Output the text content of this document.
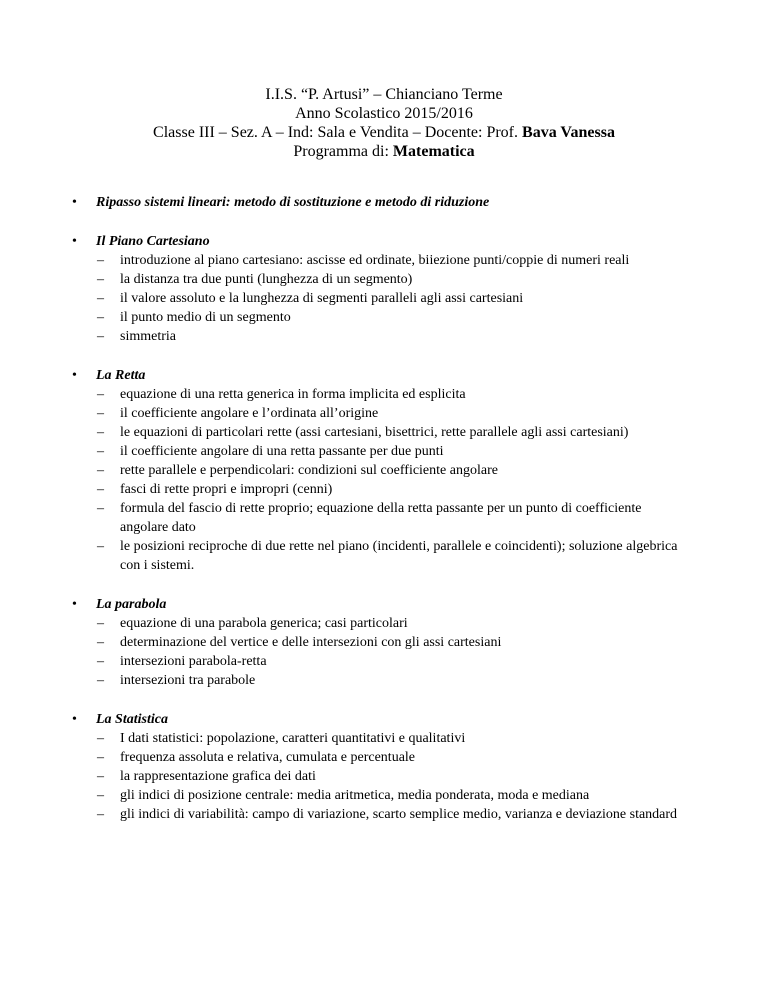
I.I.S. “P. Artusi” – Chianciano Terme
Anno Scolastico 2015/2016
Classe III – Sez. A – Ind: Sala e Vendita – Docente: Prof. Bava Vanessa
Programma di: Matematica
• Ripasso sistemi lineari: metodo di sostituzione e metodo di riduzione
• Il Piano Cartesiano
– introduzione al piano cartesiano: ascisse ed ordinate, biiezione punti/coppie di numeri reali
– la distanza tra due punti (lunghezza di un segmento)
– il valore assoluto e la lunghezza di segmenti paralleli agli assi cartesiani
– il punto medio di un segmento
– simmetria
• La Retta
– equazione di una retta generica in forma implicita ed esplicita
– il coefficiente angolare e l’ordinata all’origine
– le equazioni di particolari rette (assi cartesiani, bisettrici, rette parallele agli assi cartesiani)
– il coefficiente angolare di una retta passante per due punti
– rette parallele e perpendicolari: condizioni sul coefficiente angolare
– fasci di rette propri e impropri (cenni)
– formula del fascio di rette proprio; equazione della retta passante per un punto di coefficiente angolare dato
– le posizioni reciproche di due rette nel piano (incidenti, parallele e coincidenti); soluzione algebrica con i sistemi.
• La parabola
– equazione di una parabola generica; casi particolari
– determinazione del vertice e delle intersezioni con gli assi cartesiani
– intersezioni parabola-retta
– intersezioni tra parabole
• La Statistica
– I dati statistici: popolazione, caratteri quantitativi e qualitativi
– frequenza assoluta e relativa, cumulata e percentuale
– la rappresentazione grafica dei dati
– gli indici di posizione centrale: media aritmetica, media ponderata, moda e mediana
– gli indici di variabilità: campo di variazione, scarto semplice medio, varianza e deviazione standard
